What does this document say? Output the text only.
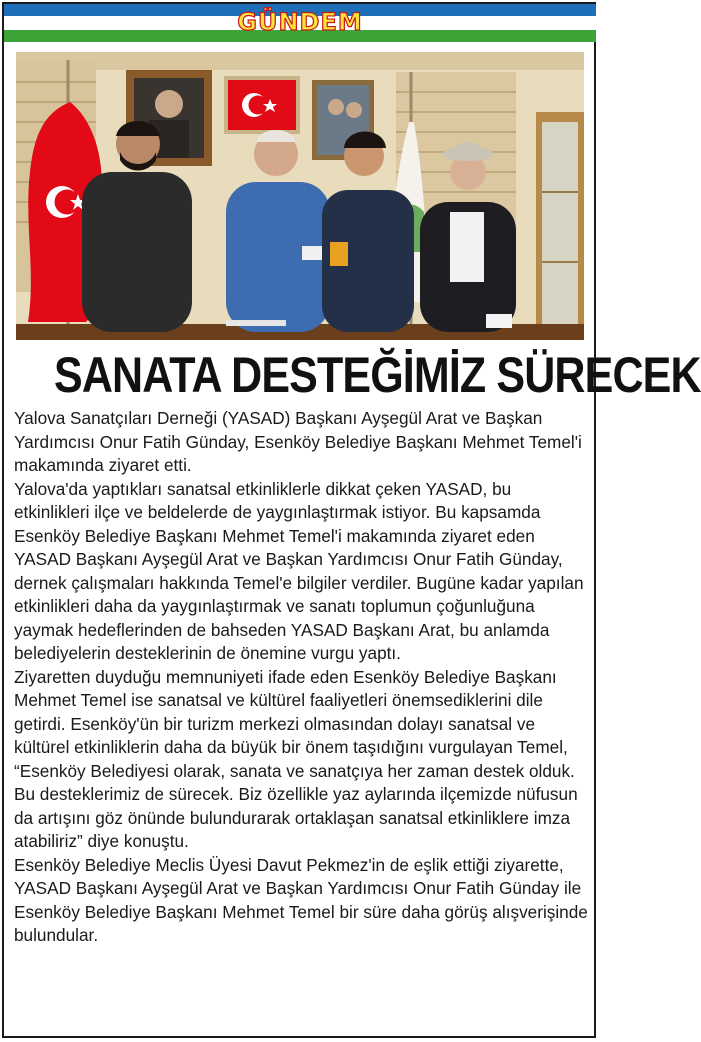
GÜNDEM
SANATA DESTEĞİMİZ SÜRECEK

Yalova Sanatçıları Derneği (YASAD) Başkanı Ayşegül Arat ve Başkan Yardımcısı Onur Fatih Günday, Esenköy Belediye Başkanı Mehmet Temel'i makamında ziyaret etti.

Yalova'da yaptıkları sanatsal etkinliklerle dikkat çeken YASAD, bu etkinlikleri ilçe ve beldelerde de yaygınlaştırmak istiyor. Bu kapsamda Esenköy Belediye Başkanı Mehmet Temel'i makamında ziyaret eden YASAD Başkanı Ayşegül Arat ve Başkan Yardımcısı Onur Fatih Günday, dernek çalışmaları hakkında Temel'e bilgiler verdiler. Bugüne kadar yapılan etkinlikleri daha da yaygınlaştırmak ve sanatı toplumun çoğunluğuna yaymak hedeflerinden de bahseden YASAD Başkanı Arat, bu anlamda belediyelerin desteklerinin de önemine vurgu yaptı.

Ziyaretten duyduğu memnuniyeti ifade eden Esenköy Belediye Başkanı Mehmet Temel ise sanatsal ve kültürel faaliyetleri önemsediklerini dile getirdi. Esenköy'ün bir turizm merkezi olmasından dolayı sanatsal ve kültürel etkinliklerin daha da büyük bir önem taşıdığını vurgulayan Temel, “Esenköy Belediyesi olarak, sanata ve sanatçıya her zaman destek olduk. Bu desteklerimiz de sürecek. Biz özellikle yaz aylarında ilçemizde nüfusun da artışını göz önünde bulundurarak ortaklaşan sanatsal etkinliklere imza atabiliriz” diye konuştu.

Esenköy Belediye Meclis Üyesi Davut Pekmez'in de eşlik ettiği ziyarette, YASAD Başkanı Ayşegül Arat ve Başkan Yardımcısı Onur Fatih Günday ile Esenköy Belediye Başkanı Mehmet Temel bir süre daha görüş alışverişinde bulundular.
